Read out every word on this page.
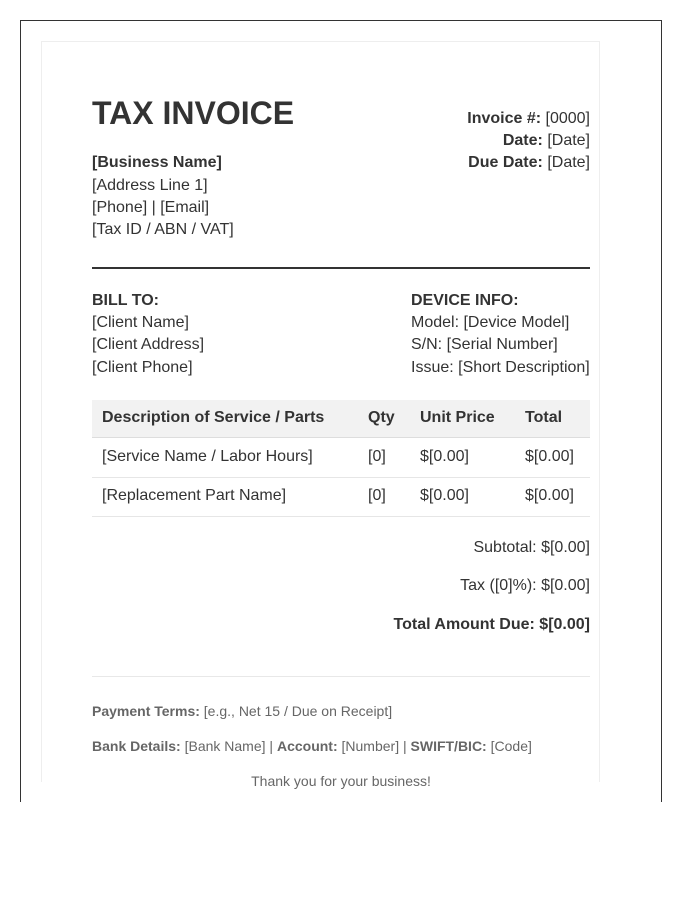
TAX INVOICE	Invoice #: [0000]
Date: [Date]
Due Date: [Date]
[Business Name]
[Address Line 1]
[Phone] | [Email]
[Tax ID / ABN / VAT]
BILL TO:
[Client Name]
[Client Address]
[Client Phone]
DEVICE INFO:
Model: [Device Model]
S/N: [Serial Number]
Issue: [Short Description]
Description of Service / Parts	Qty Unit Price Total
[Service Name / Labor Hours]	[0] $[0.00]	$[0.00]
[Replacement Part Name]	[0] $[0.00]	$[0.00]
Subtotal: $[0.00]
Tax ([0]%): $[0.00]
Total Amount Due: $[0.00]
Payment Terms: [e.g., Net 15 / Due on Receipt]
Bank Details: [Bank Name] | Account: [Number] | SWIFT/BIC: [Code]
Thank you for your business!
